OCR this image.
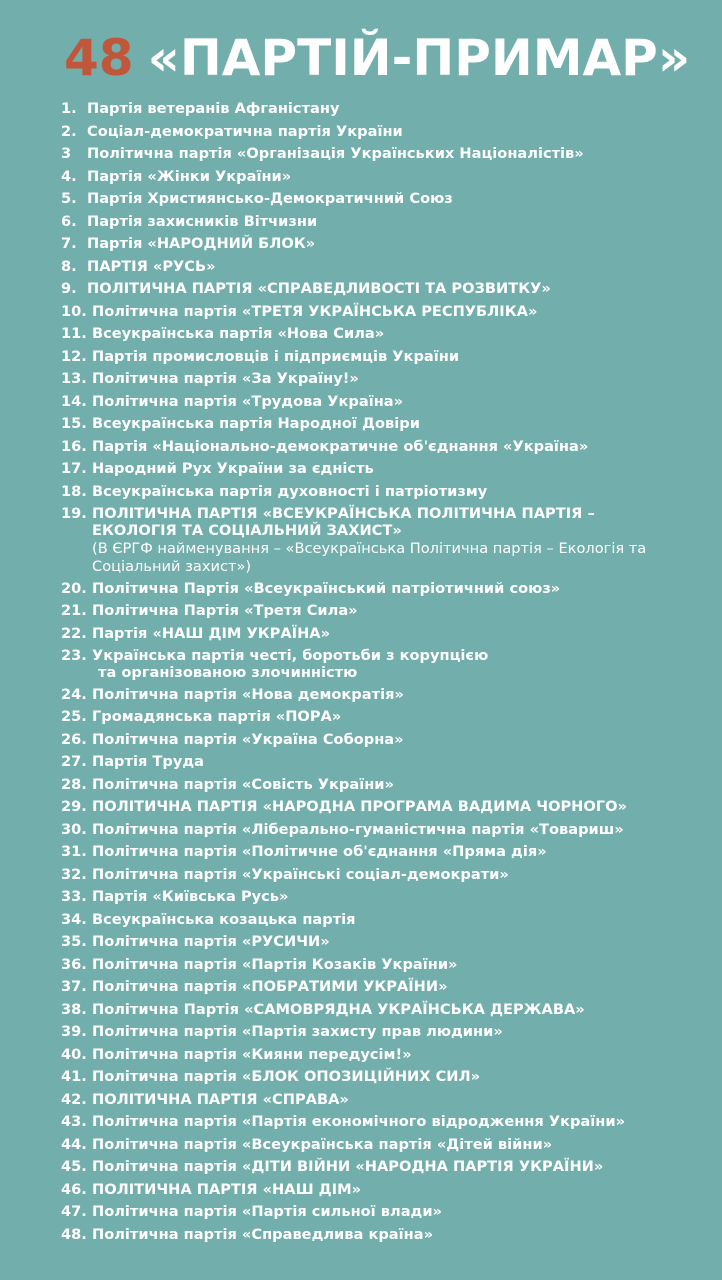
48 «ПАРТІЙ-ПРИМАР»
1. Партія ветеранів Афганістану
2. Соціал-демократична партія України
3	Політична партія «Організація Українських Націоналістів»
4. Партія «Жінки України»
5. Партія Християнсько-Демократичний Союз
6. Партія захисників Вітчизни
7. Партія «НАРОДНИЙ БЛОК»
8. ПАРТІЯ «РУСЬ»
9. ПОЛІТИЧНА ПАРТІЯ «СПРАВЕДЛИВОСТІ ТА РОЗВИТКУ»
10. Політична партія «ТРЕТЯ УКРАЇНСЬКА РЕСПУБЛІКА»
11. Всеукраїнська партія «Нова Сила»
12. Партія промисловців і підприємців України
13. Політична партія «За Україну!»
14. Політична партія «Трудова Україна»
15. Всеукраїнська партія Народної Довіри
16. Партія «Національно-демократичне об'єднання «Україна»
17. Народний Рух України за єдність
18. Всеукраїнська партія духовності і патріотизму
19. ПОЛІТИЧНА ПАРТІЯ «ВСЕУКРАЇНСЬКА ПОЛІТИЧНА ПАРТІЯ – ЕКОЛОГІЯ ТА СОЦІАЛЬНИЙ ЗАХИСТ»
(В ЄРГФ найменування – «Всеукраїнська Політична партія – Екологія та Соціальний захист»)
20. Політична Партія «Всеукраїнський патріотичний союз»
21. Політична Партія «Третя Сила»
22. Партія «НАШ ДІМ УКРАЇНА»
23. Українська партія честі, боротьби з корупцією
та організованою злочинністю
24. Політична партія «Нова демократія»
25. Громадянська партія «ПОРА»
26. Політична партія «Україна Соборна»
27. Партія Труда
28. Політична партія «Совість України»
29. ПОЛІТИЧНА ПАРТІЯ «НАРОДНА ПРОГРАМА ВАДИМА ЧОРНОГО»
30. Політична партія «Ліберально-гуманістична партія «Товариш»
31. Політична партія «Політичне об'єднання «Пряма дія»
32. Політична партія «Українські соціал-демократи»
33. Партія «Київська Русь»
34. Всеукраїнська козацька партія
35. Політична партія «РУСИЧИ»
36. Політична партія «Партія Козаків України»
37. Політична партія «ПОБРАТИМИ УКРАЇНИ»
38. Політична Партія «САМОВРЯДНА УКРАЇНСЬКА ДЕРЖАВА»
39. Політична партія «Партія захисту прав людини»
40. Політична партія «Кияни передусім!»
41. Політична партія «БЛОК ОПОЗИЦІЙНИХ СИЛ»
42. ПОЛІТИЧНА ПАРТІЯ «СПРАВА»
43. Політична партія «Партія економічного відродження України»
44. Політична партія «Всеукраїнська партія «Дітей війни»
45. Політична партія «ДІТИ ВІЙНИ «НАРОДНА ПАРТІЯ УКРАЇНИ»
46. ПОЛІТИЧНА ПАРТІЯ «НАШ ДІМ»
47. Політична партія «Партія сильної влади»
48. Політична партія «Справедлива країна»
